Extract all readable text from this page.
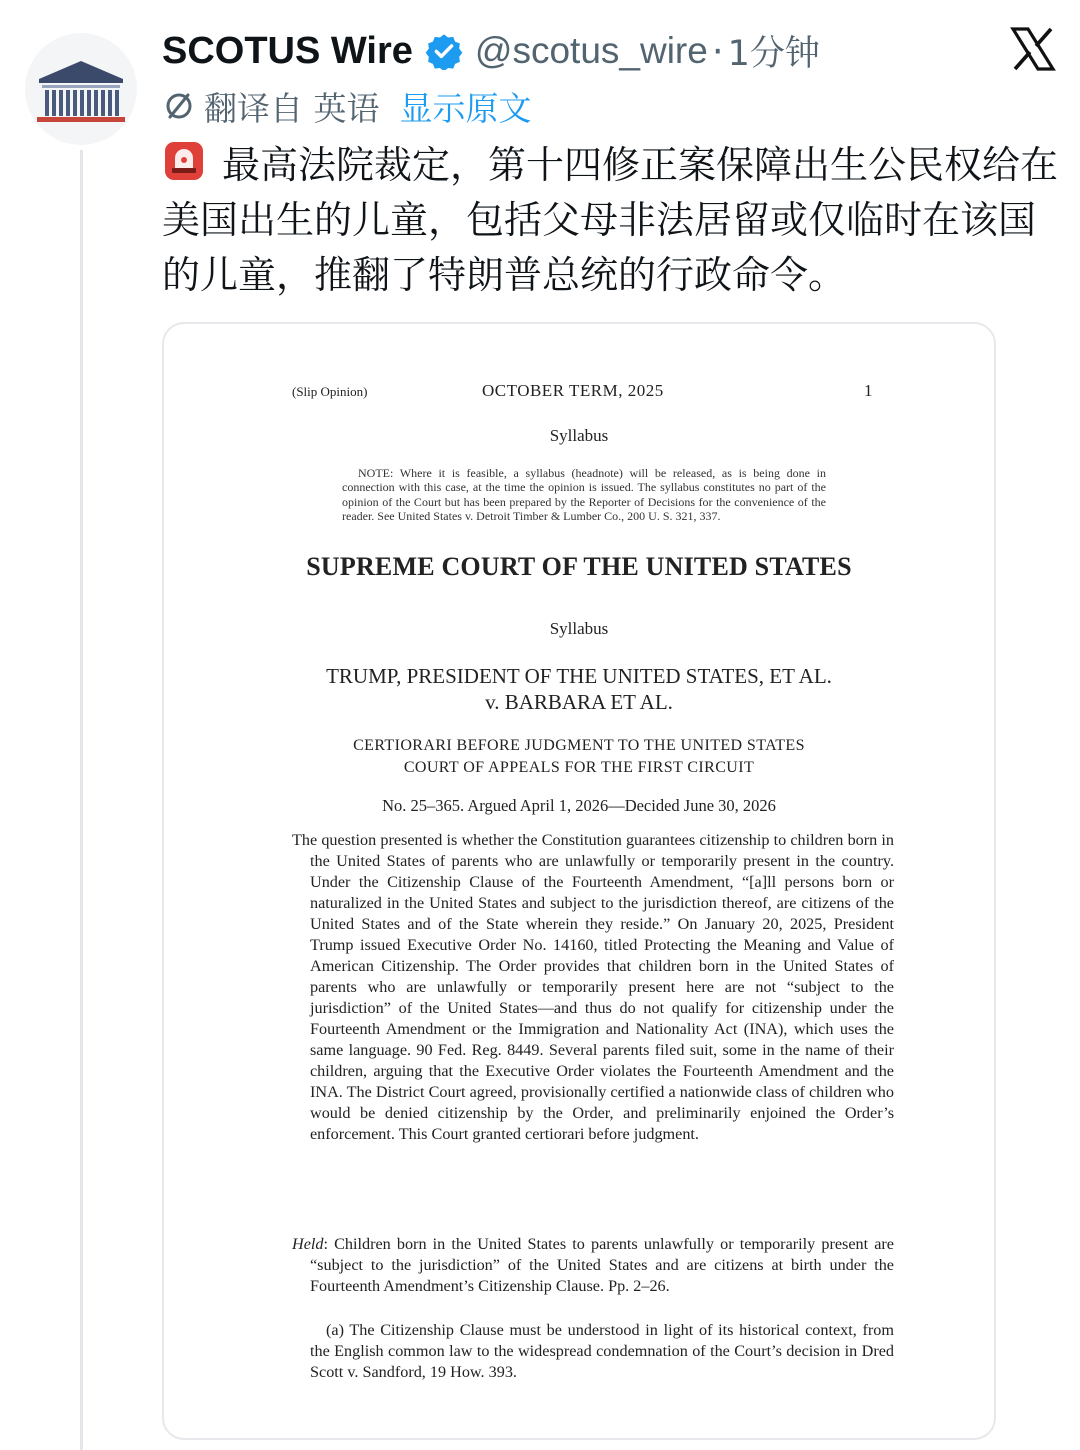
SCOTUS Wire @scotus_wire · 1分钟
翻译自 英语 显示原文
最高法院裁定，第十四修正案保障出生公民权给在美国出生的儿童，包括父母非法居留或仅临时在该国的儿童，推翻了特朗普总统的行政命令。
(Slip Opinion)	OCTOBER TERM, 2025	1
Syllabus
NOTE: Where it is feasible, a syllabus (headnote) will be released, as is being done in connection with this case, at the time the opinion is issued. The syllabus constitutes no part of the opinion of the Court but has been prepared by the Reporter of Decisions for the convenience of the reader. See United States v. Detroit Timber & Lumber Co., 200 U. S. 321, 337.
SUPREME COURT OF THE UNITED STATES
Syllabus
TRUMP, PRESIDENT OF THE UNITED STATES, ET AL.
v. BARBARA ET AL.
CERTIORARI BEFORE JUDGMENT TO THE UNITED STATES
COURT OF APPEALS FOR THE FIRST CIRCUIT
No. 25–365. Argued April 1, 2026—Decided June 30, 2026
The question presented is whether the Constitution guarantees citizenship to children born in the United States of parents who are unlawfully or temporarily present in the country. Under the Citizenship Clause of the Fourteenth Amendment, “[a]ll persons born or naturalized in the United States and subject to the jurisdiction thereof, are citizens of the United States and of the State wherein they reside.” On January 20, 2025, President Trump issued Executive Order No. 14160, titled Protecting the Meaning and Value of American Citizenship. The Order provides that children born in the United States of parents who are unlawfully or temporarily present here are not “subject to the jurisdiction” of the United States—and thus do not qualify for citizenship under the Fourteenth Amendment or the Immigration and Nationality Act (INA), which uses the same language. 90 Fed. Reg. 8449. Several parents filed suit, some in the name of their children, arguing that the Executive Order violates the Fourteenth Amendment and the INA. The District Court agreed, provisionally certified a nationwide class of children who would be denied citizenship by the Order, and preliminarily enjoined the Order’s enforcement. This Court granted certiorari before judgment.
Held: Children born in the United States to parents unlawfully or temporarily present are “subject to the jurisdiction” of the United States and are citizens at birth under the Fourteenth Amendment’s Citizenship Clause. Pp. 2–26.
(a) The Citizenship Clause must be understood in light of its historical context, from the English common law to the widespread condemnation of the Court’s decision in Dred Scott v. Sandford, 19 How. 393.
